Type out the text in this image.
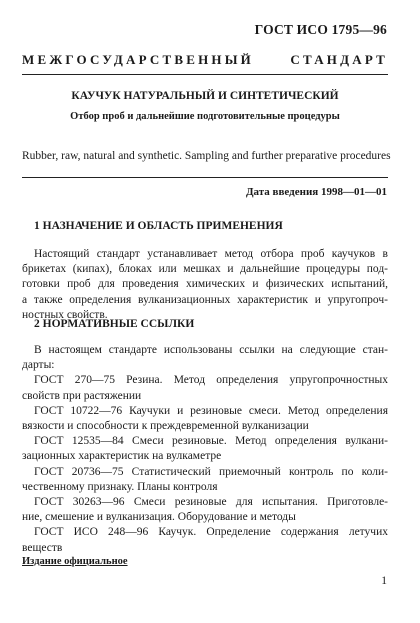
ГОСТ ИСО 1795—96
МЕЖГОСУДАРСТВЕННЫЙ СТАНДАРТ
КАУЧУК НАТУРАЛЬНЫЙ И СИНТЕТИЧЕСКИЙ
Отбор проб и дальнейшие подготовительные процедуры
Rubber, raw, natural and synthetic. Sampling and further preparative procedures
Дата введения 1998—01—01
1 НАЗНАЧЕНИЕ И ОБЛАСТЬ ПРИМЕНЕНИЯ
Настоящий стандарт устанавливает метод отбора проб каучуков в
брикетах (кипах), блоках или мешках и дальнейшие процедуры под-
готовки проб для проведения химических и физических испытаний,
а также определения вулканизационных характеристик и упругопроч-
ностных свойств.
2 НОРМАТИВНЫЕ ССЫЛКИ
В настоящем стандарте использованы ссылки на следующие стан-
дарты:
ГОСТ 270—75 Резина. Метод определения упругопрочностных
свойств при растяжении
ГОСТ 10722—76 Каучуки и резиновые смеси. Метод определения
вязкости и способности к преждевременной вулканизации
ГОСТ 12535—84 Смеси резиновые. Метод определения вулкани-
зационных характеристик на вулкаметре
ГОСТ 20736—75 Статистический приемочный контроль по коли-
чественному признаку. Планы контроля
ГОСТ 30263—96 Смеси резиновые для испытания. Приготовле-
ние, смешение и вулканизация. Оборудование и методы
ГОСТ ИСО 248—96 Каучук. Определение содержания летучих
веществ
Издание официальное
1
